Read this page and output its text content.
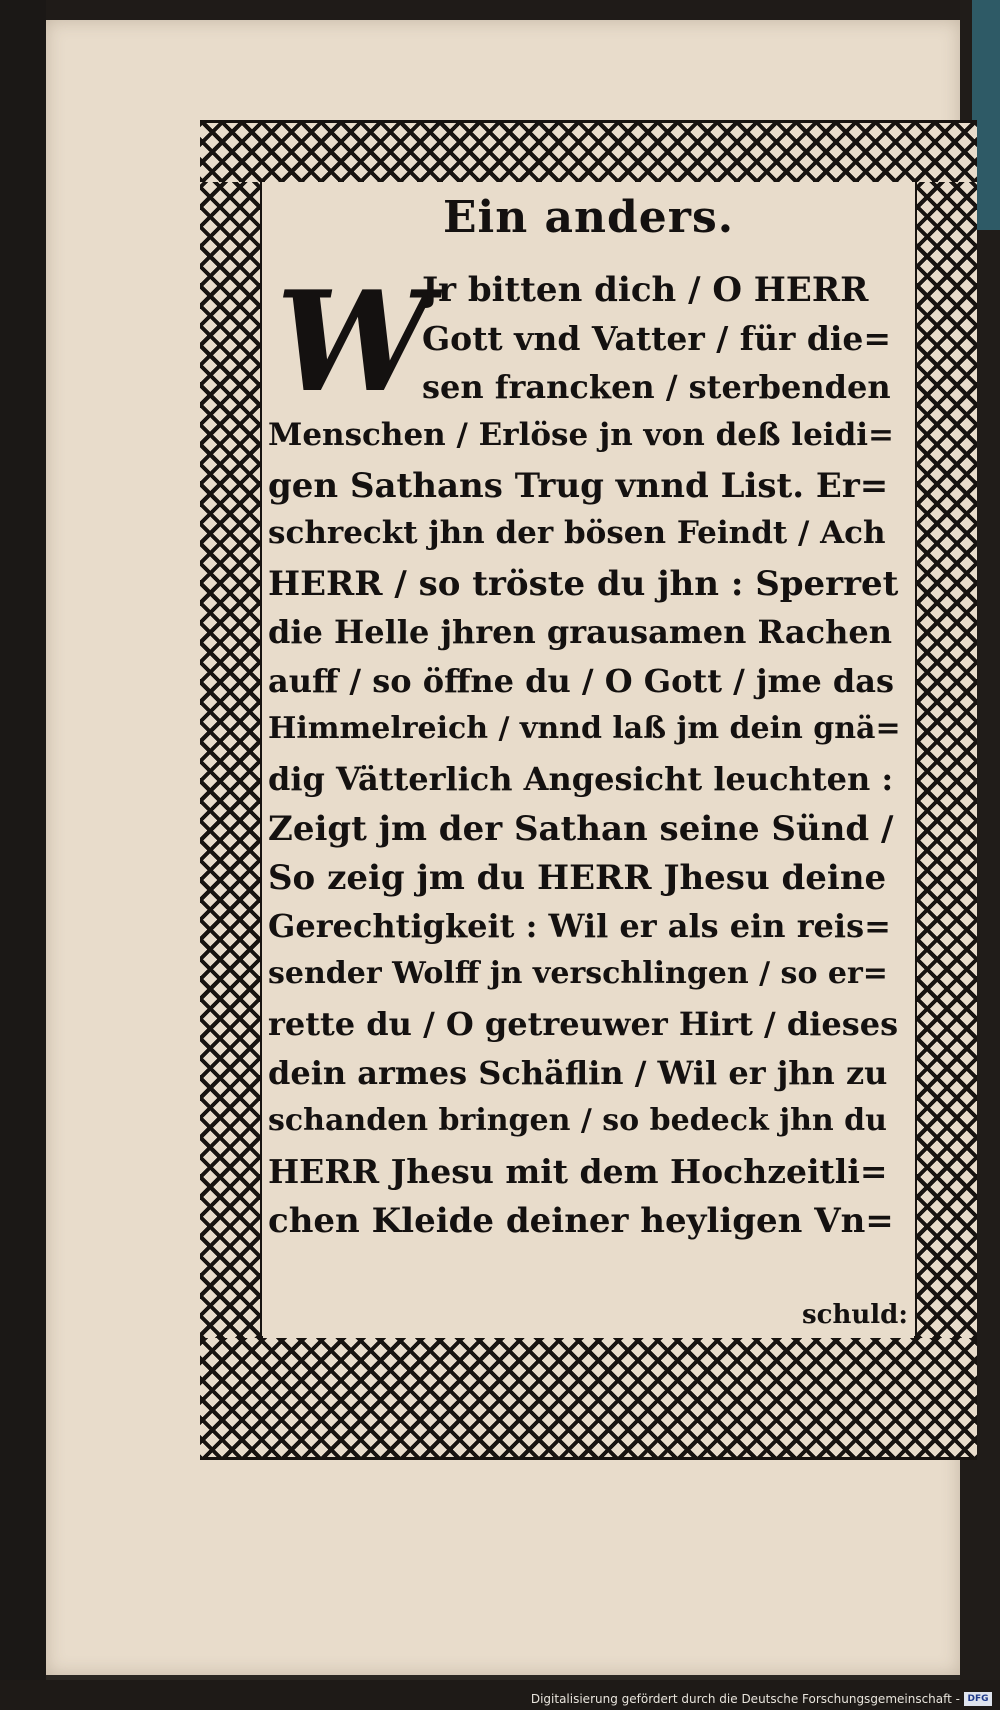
Ein anders.
W
Jr bitten dich / O HERR
Gott vnd Vatter / für die=
sen francken / sterbenden
Menschen / Erlöse jn von deß leidi=
gen Sathans Trug vnnd List. Er=
schreckt jhn der bösen Feindt / Ach
HERR / so tröste du jhn : Sperret
die Helle jhren grausamen Rachen
auff / so öffne du / O Gott / jme das
Himmelreich / vnnd laß jm dein gnä=
dig Vätterlich Angesicht leuchten :
Zeigt jm der Sathan seine Sünd /
So zeig jm du HERR Jhesu deine
Gerechtigkeit : Wil er als ein reis=
sender Wolff jn verschlingen / so er=
rette du / O getreuwer Hirt / dieses
dein armes Schäflin / Wil er jhn zu
schanden bringen / so bedeck jhn du
HERR Jhesu mit dem Hochzeitli=
chen Kleide deiner heyligen Vn=
schuld:
Digitalisierung gefördert durch die Deutsche Forschungsgemeinschaft - DFG
